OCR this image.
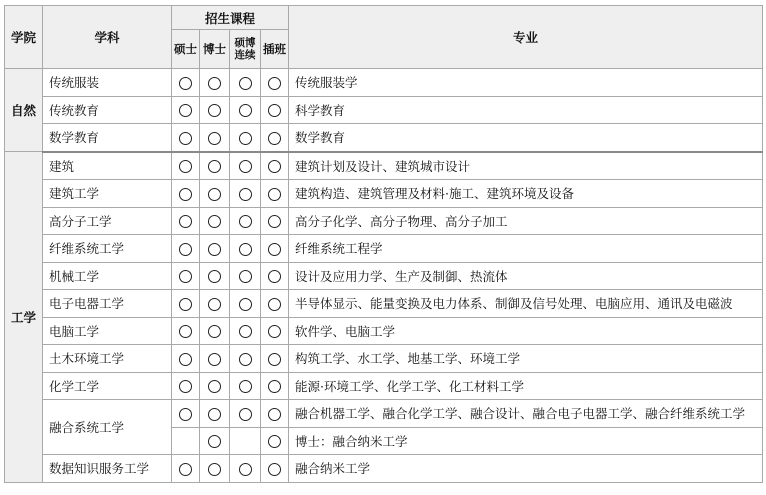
学院	学科	招生课程				专业
		硕士	博士	硕博连续	插班	
自然	传统服装					传统服装学
	传统教育					科学教育
	数学教育					数学教育
工学	建筑					建筑计划及设计、建筑城市设计
	建筑工学					建筑构造、建筑管理及材料·施工、建筑环境及设备
	高分子工学					高分子化学、高分子物理、高分子加工
	纤维系统工学					纤维系统工程学
	机械工学					设计及应用力学、生产及制御、热流体
	电子电器工学					半导体显示、能量变换及电力体系、制御及信号处理、电脑应用、通讯及电磁波
	电脑工学					软件学、电脑工学
	土木环境工学					构筑工学、水工学、地基工学、环境工学
	化学工学					能源·环境工学、化学工学、化工材料工学
	融合系统工学					融合机器工学、融合化学工学、融合设计、融合电子电器工学、融合纤维系统工学
						博士：融合纳米工学
	数据知识服务工学					融合纳米工学
